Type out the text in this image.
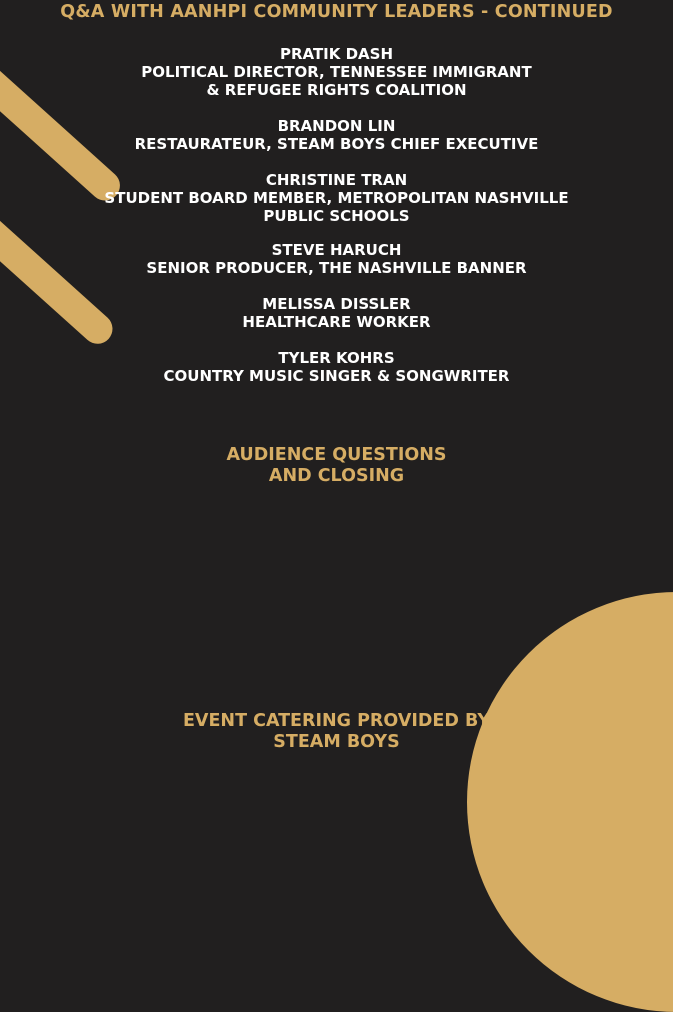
Q&A WITH AANHPI COMMUNITY LEADERS - CONTINUED
PRATIK DASH
POLITICAL DIRECTOR, TENNESSEE IMMIGRANT
& REFUGEE RIGHTS COALITION
BRANDON LIN
RESTAURATEUR, STEAM BOYS CHIEF EXECUTIVE
CHRISTINE TRAN
STUDENT BOARD MEMBER, METROPOLITAN NASHVILLE
PUBLIC SCHOOLS
STEVE HARUCH
SENIOR PRODUCER, THE NASHVILLE BANNER
MELISSA DISSLER
HEALTHCARE WORKER
TYLER KOHRS
COUNTRY MUSIC SINGER & SONGWRITER
AUDIENCE QUESTIONS
AND CLOSING
EVENT CATERING PROVIDED BY
STEAM BOYS
